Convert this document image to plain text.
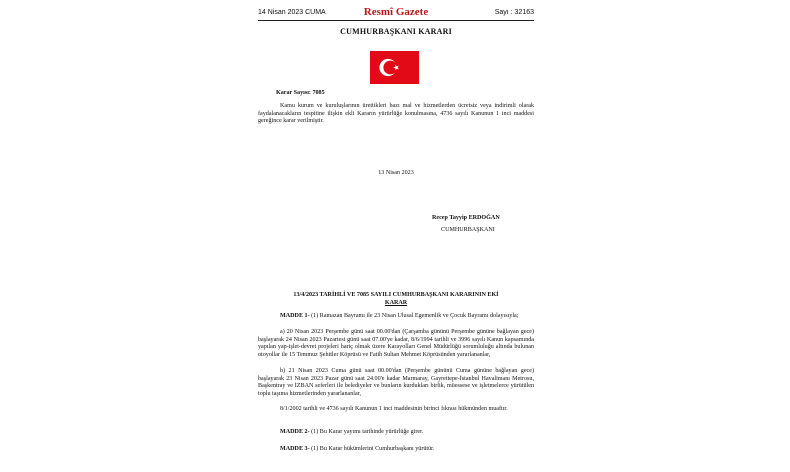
14 Nisan 2023 CUMA	Resmî Gazete	Sayı : 32163
CUMHURBAŞKANI KARARI
Karar Sayısı: 7085
Kamu kurum ve kuruluşlarının ürettikleri bazı mal ve hizmetlerden ücretsiz veya indirimli olarak faydalanacakların tespitine ilişkin ekli Kararın yürürlüğe konulmasına, 4736 sayılı Kanunun 1 inci maddesi gereğince karar verilmiştir.
13 Nisan 2023
Recep Tayyip ERDOĞAN
CUMHURBAŞKANI
13/4/2023 TARİHLİ VE 7085 SAYILI CUMHURBAŞKANI KARARININ EKİ
KARAR
MADDE 1- (1) Ramazan Bayramı ile 23 Nisan Ulusal Egemenlik ve Çocuk Bayramı dolayısıyla;
a) 20 Nisan 2023 Perşembe günü saat 00.00'dan (Çarşamba gününü Perşembe gününe bağlayan gece) başlayarak 24 Nisan 2023 Pazartesi günü saat 07.00'ye kadar, 8/6/1994 tarihli ve 3996 sayılı Kanun kapsamında yapılan yap-işlet-devret projeleri hariç olmak üzere Karayolları Genel Müdürlüğü sorumluluğu altında bulunan otoyollar ile 15 Temmuz Şehitler Köprüsü ve Fatih Sultan Mehmet Köprüsünden yararlananlar,
b) 21 Nisan 2023 Cuma günü saat 00.00'dan (Perşembe gününü Cuma gününe bağlayan gece) başlayarak 23 Nisan 2023 Pazar günü saat 24.00'e kadar Marmaray, Gayrettepe-İstanbul Havalimanı Metrosu, Başkentray ve İZBAN seferleri ile belediyeler ve bunların kurdukları birlik, müessese ve işletmelerce yürütülen toplu taşıma hizmetlerinden yararlananlar,
8/1/2002 tarihli ve 4736 sayılı Kanunun 1 inci maddesinin birinci fıkrası hükmünden muaftır.
MADDE 2- (1) Bu Karar yayımı tarihinde yürürlüğe girer.
MADDE 3- (1) Bu Karar hükümlerini Cumhurbaşkanı yürütür.
